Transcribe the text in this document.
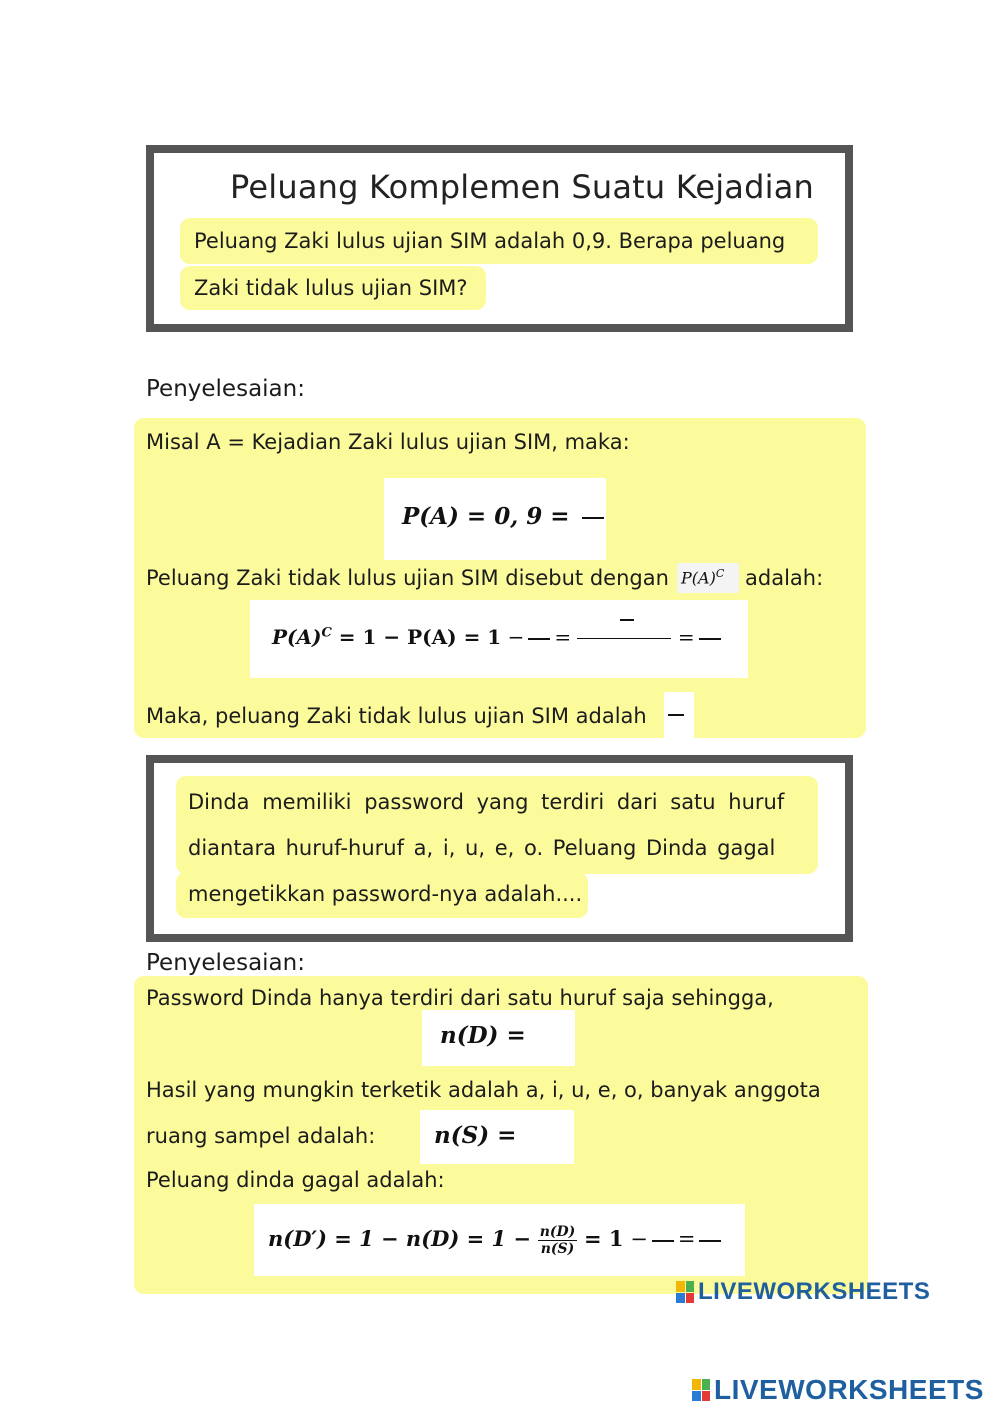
Peluang Komplemen Suatu Kejadian
Peluang Zaki lulus ujian SIM adalah 0,9. Berapa peluang
Zaki tidak lulus ujian SIM?
Penyelesaian:
Misal A = Kejadian Zaki lulus ujian SIM, maka:
P(A) = 0, 9 =
Peluang Zaki tidak lulus ujian SIM disebut dengan $P(A)^C$ adalah:
$P(A)^C = 1 - P(A) = 1$ − =	=
Maka, peluang Zaki tidak lulus ujian SIM adalah
Dinda memiliki password yang terdiri dari satu huruf
diantara huruf-huruf a, i, u, e, o. Peluang Dinda gagal
mengetikkan password-nya adalah....
Penyelesaian:
Password Dinda hanya terdiri dari satu huruf saja sehingga,
n(D) =
Hasil yang mungkin terketik adalah a, i, u, e, o, banyak anggota
ruang sampel adalah:	n(S) =
Peluang dinda gagal adalah:
$n(D') = 1 - n(D) = 1 - \frac{n(D)}{n(S)} = 1$ − =
LIVEWORKSHEETS
LIVEWORKSHEETS
